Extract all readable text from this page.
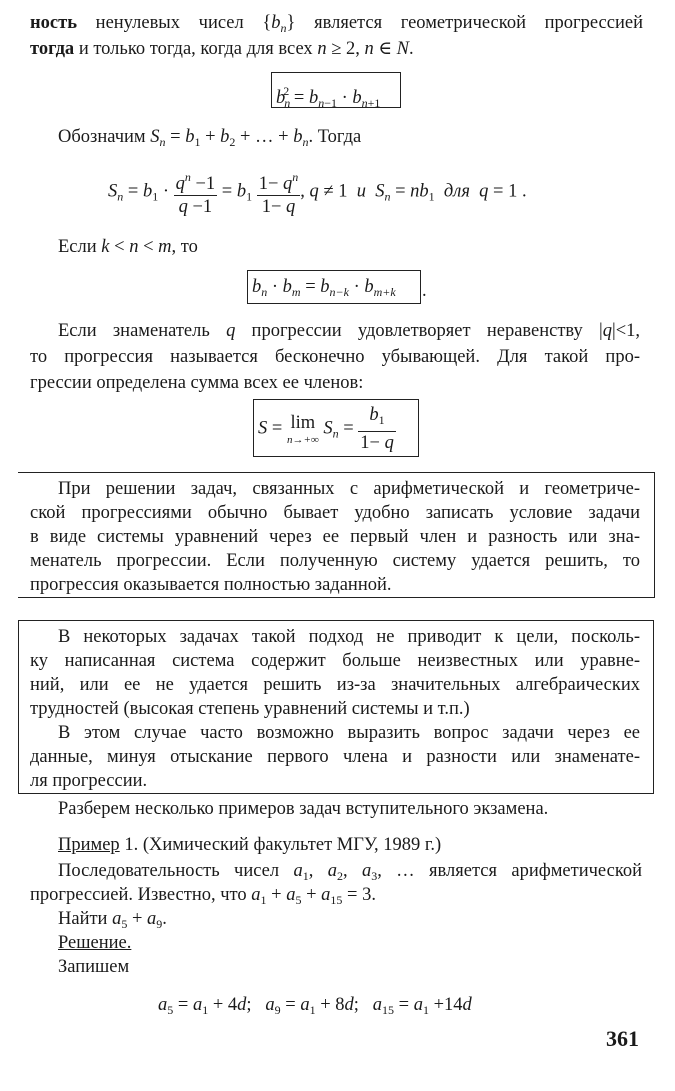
ность ненулевых чисел $\{b_n\}$ является геометрической прогрессией
тогда и только тогда, когда для всех n ≥ 2, n ∈ N.
$b_n^2 = b_{n-1} \cdot b_{n+1}$
Обозначим $S_n = b_1 + b_2$ + … + $b_n$. Тогда
$S_n = b_1 \cdot \frac{q^n -1}{q -1} = b_1 \frac{1- q^n}{1- q}$ , q ≠ 1  и $S_n = nb_1$ для q = 1 .
Если k < n < m, то
$b_n \cdot b_m = b_{n-k} \cdot b_{m+k}$ .
Если знаменатель q прогрессии удовлетворяет неравенству |q|<1,
то прогрессия называется бесконечно убывающей. Для такой про-
грессии определена сумма всех ее членов:
S = lim
n→+∞
$S_n = \frac{b_1}{1- q}$
При решении задач, связанных с арифметической и геометриче-
ской прогрессиями обычно бывает удобно записать условие задачи
в виде системы уравнений через ее первый член и разность или зна-
менатель прогрессии. Если полученную систему удается решить, то
прогрессия оказывается полностью заданной.
В некоторых задачах такой подход не приводит к цели, посколь-
ку написанная система содержит больше неизвестных или уравне-
ний, или ее не удается решить из-за значительных алгебраических
трудностей (высокая степень уравнений системы и т.п.)
В этом случае часто возможно выразить вопрос задачи через ее
данные, минуя отыскание первого члена и разности или знаменате-
ля прогрессии.
Разберем несколько примеров задач вступительного экзамена.
Пример 1. (Химический факультет МГУ, 1989 г.)
Последовательность чисел $a_1$, $a_2$, $a_3$, … является арифметической
прогрессией. Известно, что $a_1 + a_5 + a_{15} = 3$.
Найти $a_5 + a_9$.
Решение.
Запишем
$a_5 = a_1 + 4d$;   $a_9 = a_1 + 8d$;   $a_{15} = a_1 +14d$
361
